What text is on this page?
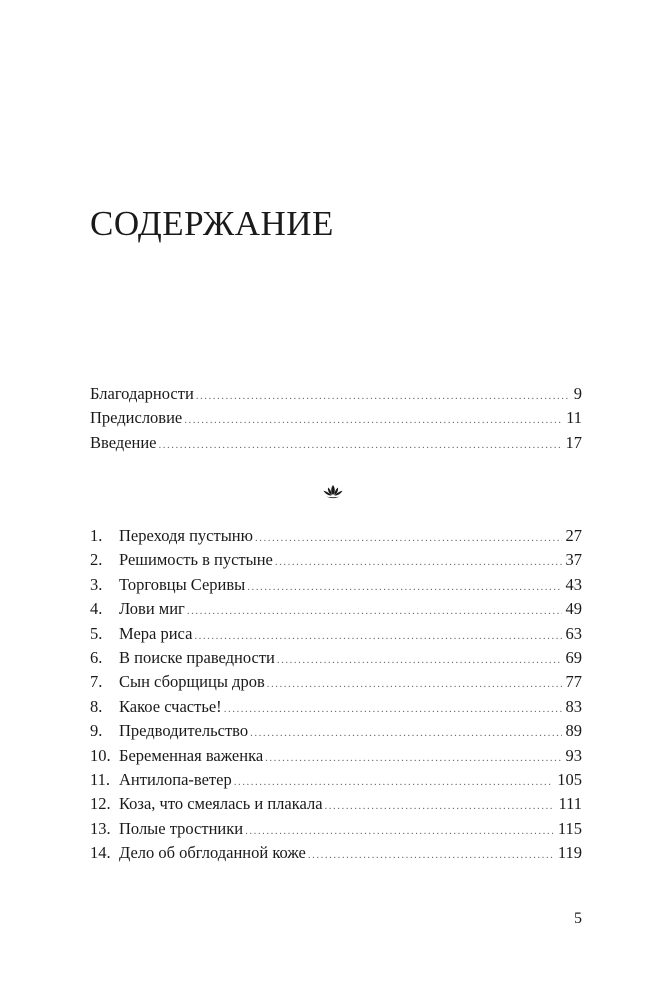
СОДЕРЖАНИЕ
Благодарности .....	9
Предисловие .....	11
Введение .....	17
1.	Переходя пустыню .....	27
2.	Решимость в пустыне .....	37
3.	Торговцы Серивы .....	43
4.	Лови миг .....	49
5.	Мера риса .....	63
6.	В поиске праведности .....	69
7.	Сын сборщицы дров .....	77
8.	Какое счастье! .....	83
9.	Предводительство .....	89
10. Беременная важенка .....	93
11. Антилопа-ветер .....	105
12. Коза, что смеялась и плакала .....	111
13. Полые тростники .....	115
14. Дело об обглоданной коже .....	119
5
